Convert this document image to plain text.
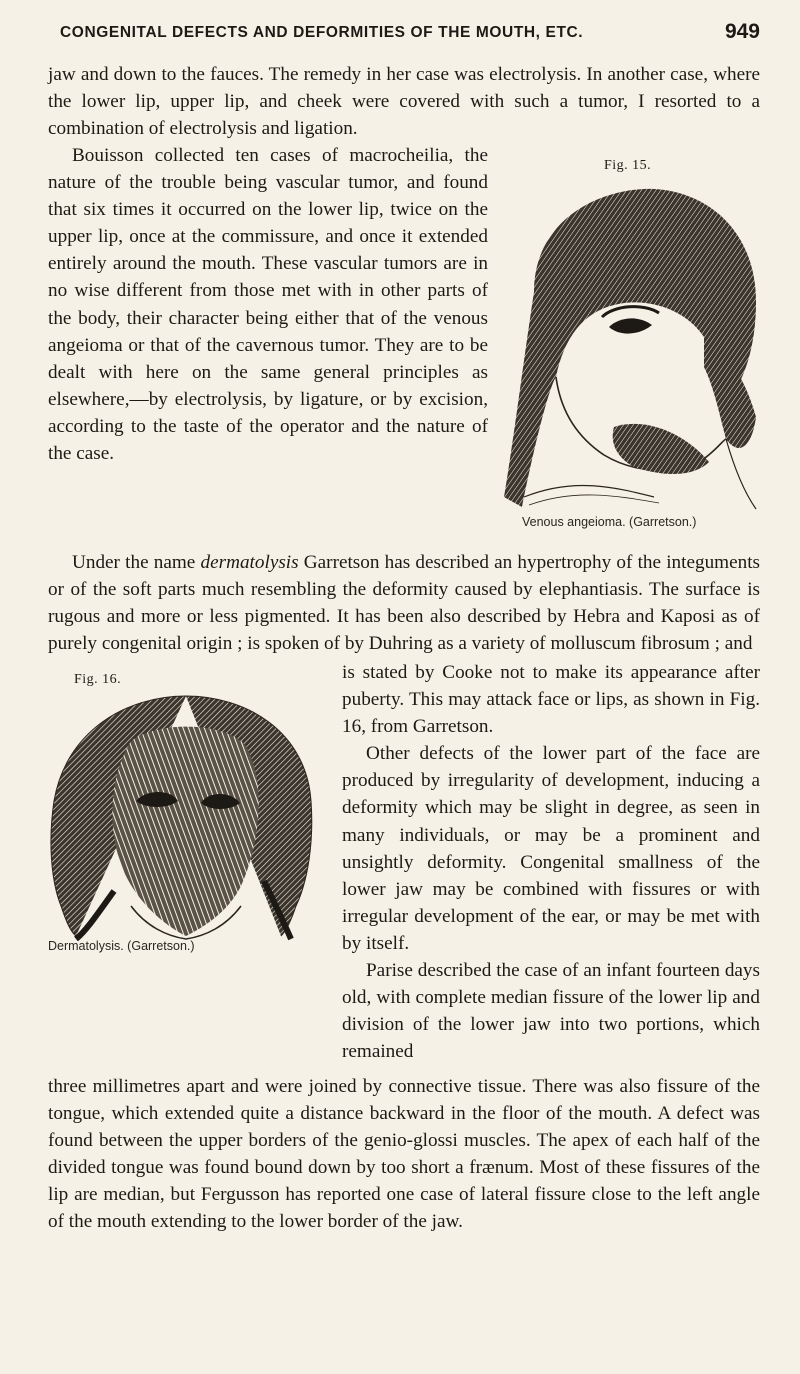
CONGENITAL DEFECTS AND DEFORMITIES OF THE MOUTH, ETC.	949

jaw and down to the fauces. The remedy in her case was electrolysis. In another case, where the lower lip, upper lip, and cheek were covered with such a tumor, I resorted to a combination of electrolysis and ligation.

Bouisson collected ten cases of macrocheilia, the nature of the trouble being vascular tumor, and found that six times it occurred on the lower lip, twice on the upper lip, once at the commissure, and once it extended entirely around the mouth. These vascular tumors are in no wise different from those met with in other parts of the body, their character being either that of the venous angeioma or that of the cavernous tumor. They are to be dealt with here on the same general principles as elsewhere,—by electrolysis, by ligature, or by excision, according to the taste of the operator and the nature of the case.

Fig. 15.
Venous angeioma. (Garretson.)

Under the name dermatolysis Garretson has described an hypertrophy of the integuments or of the soft parts much resembling the deformity caused by elephantiasis. The surface is rugous and more or less pigmented. It has been also described by Hebra and Kaposi as of purely congenital origin ; is spoken of by Duhring as a variety of molluscum fibrosum ; and

Fig. 16.
Dermatolysis. (Garretson.)

is stated by Cooke not to make its appearance after puberty. This may attack face or lips, as shown in Fig. 16, from Garretson.

Other defects of the lower part of the face are produced by irregularity of development, inducing a deformity which may be slight in degree, as seen in many individuals, or may be a prominent and unsightly deformity. Congenital smallness of the lower jaw may be combined with fissures or with irregular development of the ear, or may be met with by itself.

Parise described the case of an infant fourteen days old, with complete median fissure of the lower lip and division of the lower jaw into two portions, which remained

three millimetres apart and were joined by connective tissue. There was also fissure of the tongue, which extended quite a distance backward in the floor of the mouth. A defect was found between the upper borders of the genio-glossi muscles. The apex of each half of the divided tongue was found bound down by too short a frænum. Most of these fissures of the lip are median, but Fergusson has reported one case of lateral fissure close to the left angle of the mouth extending to the lower border of the jaw.
